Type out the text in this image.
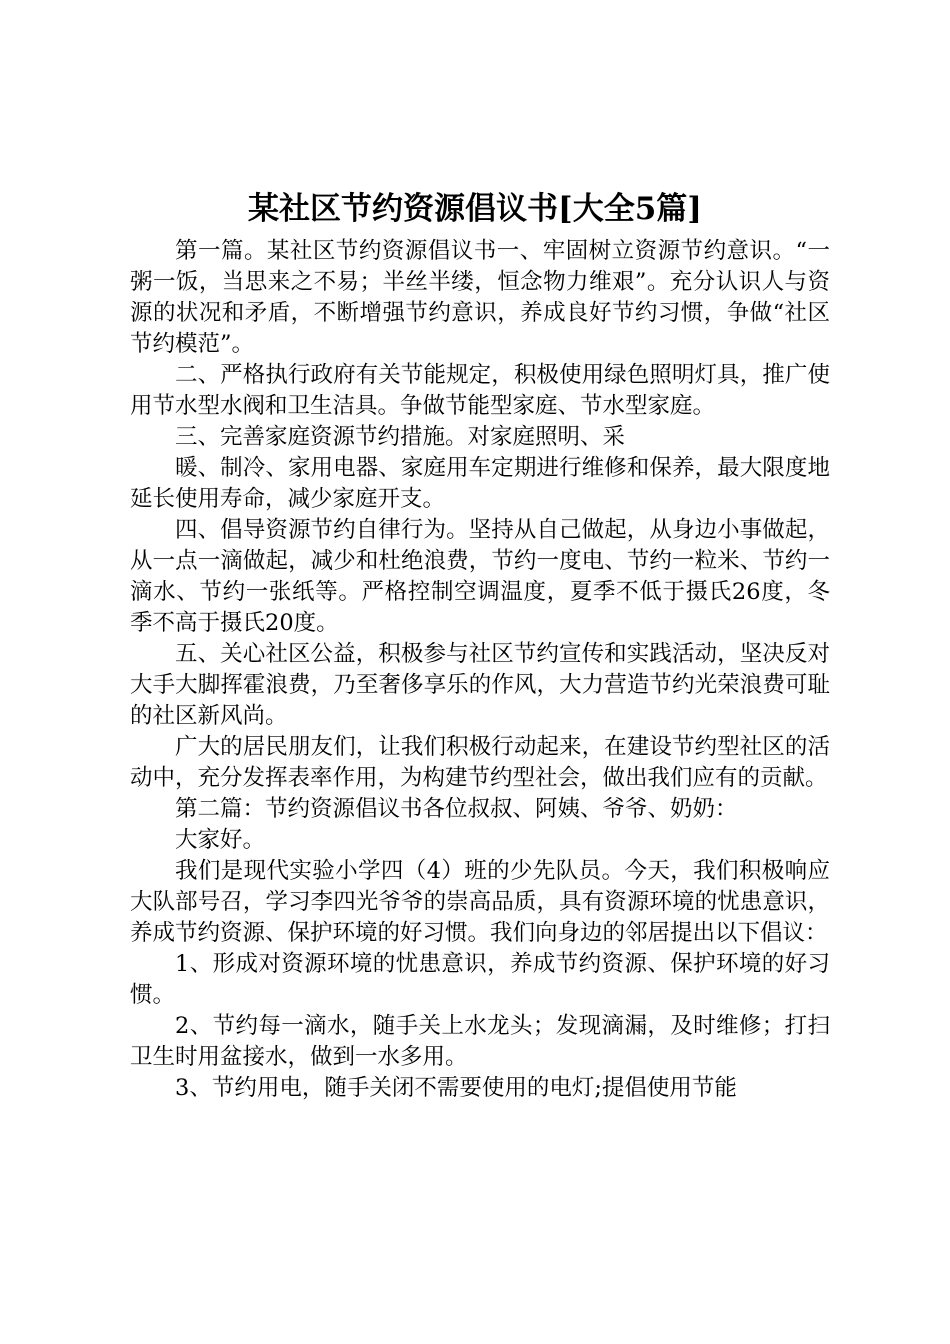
某社区节约资源倡议书[大全5篇]

第一篇。某社区节约资源倡议书一、牢固树立资源节约意识。“一粥一饭，当思来之不易；半丝半缕，恒念物力维艰”。充分认识人与资源的状况和矛盾，不断增强节约意识，养成良好节约习惯，争做“社区节约模范”。

二、严格执行政府有关节能规定，积极使用绿色照明灯具，推广使用节水型水阀和卫生洁具。争做节能型家庭、节水型家庭。

三、完善家庭资源节约措施。对家庭照明、采

暖、制冷、家用电器、家庭用车定期进行维修和保养，最大限度地延长使用寿命，减少家庭开支。

四、倡导资源节约自律行为。坚持从自己做起，从身边小事做起，从一点一滴做起，减少和杜绝浪费，节约一度电、节约一粒米、节约一滴水、节约一张纸等。严格控制空调温度，夏季不低于摄氏26度，冬季不高于摄氏20度。

五、关心社区公益，积极参与社区节约宣传和实践活动，坚决反对大手大脚挥霍浪费，乃至奢侈享乐的作风，大力营造节约光荣浪费可耻的社区新风尚。

广大的居民朋友们，让我们积极行动起来，在建设节约型社区的活动中，充分发挥表率作用，为构建节约型社会，做出我们应有的贡献。

第二篇：节约资源倡议书各位叔叔、阿姨、爷爷、奶奶：

大家好。

我们是现代实验小学四（4）班的少先队员。今天，我们积极响应大队部号召，学习李四光爷爷的崇高品质，具有资源环境的忧患意识，养成节约资源、保护环境的好习惯。我们向身边的邻居提出以下倡议：

1、形成对资源环境的忧患意识，养成节约资源、保护环境的好习惯。

2、节约每一滴水，随手关上水龙头；发现滴漏，及时维修；打扫卫生时用盆接水，做到一水多用。

3、节约用电，随手关闭不需要使用的电灯;提倡使用节能
